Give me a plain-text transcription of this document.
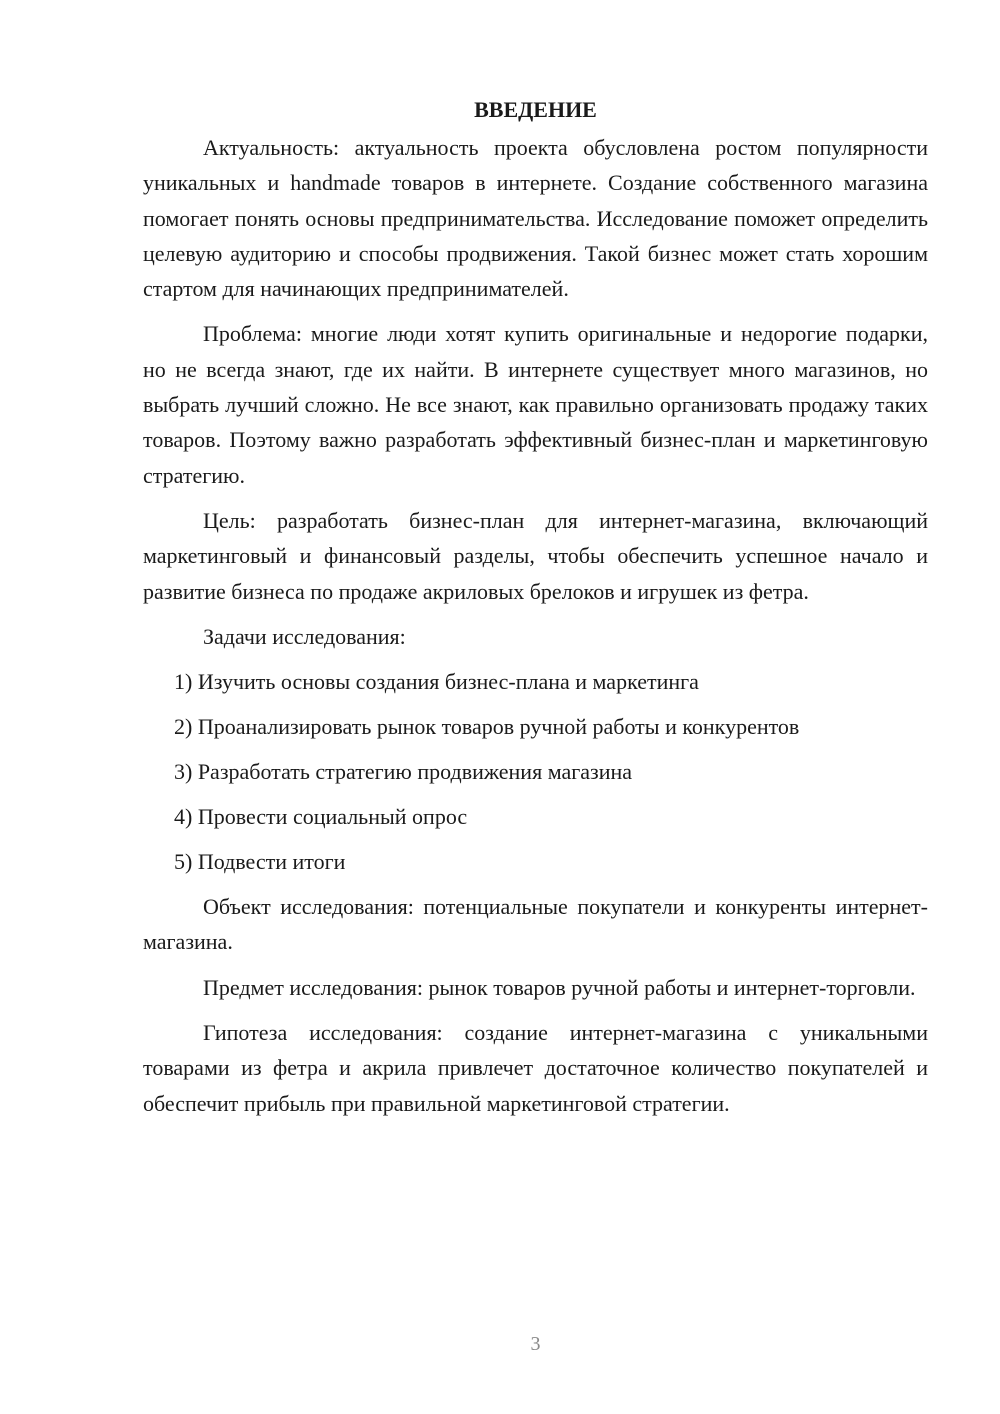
ВВЕДЕНИЕ

Актуальность: актуальность проекта обусловлена ростом популярности уникальных и handmade товаров в интернете. Создание собственного магазина помогает понять основы предпринимательства. Исследование поможет определить целевую аудиторию и способы продвижения. Такой бизнес может стать хорошим стартом для начинающих предпринимателей.

Проблема: многие люди хотят купить оригинальные и недорогие подарки, но не всегда знают, где их найти. В интернете существует много магазинов, но выбрать лучший сложно. Не все знают, как правильно организовать продажу таких товаров. Поэтому важно разработать эффективный бизнес-план и маркетинговую стратегию.

Цель: разработать бизнес-план для интернет-магазина, включающий маркетинговый и финансовый разделы, чтобы обеспечить успешное начало и развитие бизнеса по продаже акриловых брелоков и игрушек из фетра.

Задачи исследования:

1) Изучить основы создания бизнес-плана и маркетинга
2) Проанализировать рынок товаров ручной работы и конкурентов
3) Разработать стратегию продвижения магазина
4) Провести социальный опрос
5) Подвести итоги

Объект исследования: потенциальные покупатели и конкуренты интернет-магазина.

Предмет исследования: рынок товаров ручной работы и интернет-торговли.

Гипотеза исследования: создание интернет-магазина с уникальными товарами из фетра и акрила привлечет достаточное количество покупателей и обеспечит прибыль при правильной маркетинговой стратегии.

3
